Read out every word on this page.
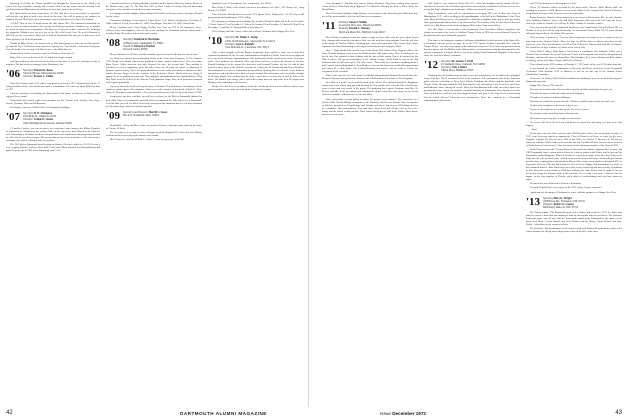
Speaking of Florida, the Nixon landslide has brought the Democrats in the North even lower. Let's lay off politics, though, and I wonder what I can say, what I face the offering I will get about dead and Massachusetts and they seem to have gone to do for Nixon.

Ben Hatch called me from Launceston, Ill. Ben Hall had a very successful eye operation and said she was glad to send a nice check he has done. She will be going to her mother's in Virginia. He and Helen have great news about a special grandson to be many 'ill Grandad.

A N.B.P. Weir of two on death across the state about 1925. The unnamed Dreamland for now we have no station anymore. It's a pretty far-fetching experience. Snatches one or another are heard of many more communities. The days are 52 percent or three years for 93, including the magazine. Martin's were the new one of the '86 ex-Fall way. Cent. We need a Barnard or Bill Holt for the convention. Jacks can be both as Dartmouth that and you, in this news from those reporters. Of all in Westminster ...

Thanks to Billy Nelson, one dearest son of Yale lomo-group we learn an excellent picture by what the Ivy L 100 Before from ourselves, Anyway, the Class fund we find out in letting you know he made a fine leaving. Ask Henry Lucie, who didn't have it.

Norman Ross will be leaving to visit Lee Florida on November 15.

Harry Gift is now on the list of the 25 oldest Ivy League alumni.

And James Melrose has retired from the Harvest Inn after 35 years. He continues to stay in business. The bar has been manager of the Woodstock, Inc.

'06 Secretary Edward K. Reuss
Vineyard Haven, Massachusetts 02568
Treasurer Francis L. Childs

Fifty-Two Seasons back, 45.1 with a very good record in the 1972 Alumni Fund. Of the 17 living members of the Class all but one made a contribution. The total was about $200 less than in 1971.

I had the privilege of attending the Quarterback Club dinner at Hanover on Hanover and enjoyed it very much.

From what I have heard, eight of our members see Joie, Nelson, Lyle, Gordon, Noel, Page, Powers, Redman, Wiles and Williamson.

On Sunday, Lawrence Childs will be celebrating his birthday.

'07 Secretary H. W. Orbington
1055 Main St., Westboro 01581
Treasurer Arthur K. Lissett
1845 Old Ridge Road, Jericho, Vermont 05465

J. Franklin Crocker, our class treasurer, in a long travel after being to the Milton Hospital. In September he collapsed in the yellow while on his way home from Boston to the Hanover area. Fortunately a Guardian was there who took him to the south home and progressing for that he will retire at our class treasury. This means that we have been a member of the class from a classmate who will be willing to take the position.

The 1907 gift to Dartmouth fund is going on Quarter 28 which ended in a 21-23. So was a very weighty, positive, and beneficial fund. Fraser and Dalton attended the Harvard-Dartmouth game 65 years ago in 1905 when Dartmouth won 7 to 0.

0 and devoted the new Bartlett Stadium, should read the Sports Gallery by Francis Brown in the October issue, page 33, 'The Year Was 1907' by Burt. Currier is a fairly long and interesting nar-rative of the activities in which he became a member.

Len Sprague and his daughter Harriett Huyler Hall and Lois Kooreer before driving to Florida for the winter.

Classmates' birthdays in December 6. Elmer Rowe; 8, R. Navlor Chamberlain, December 9, 1886; Arthur R. Lovell, December 18, 1883; Tom Phelps, December 19, 1887; Harry Hunt.

Merry Christmas and a Very Happy, Healthy New Year of 1973 to all classmates, wives, widows, sons, and daughters, who are all on the mailing list. Christmas will also bring such a wonderful day! Keep those letters and cards coming.

'08 Secretary Frederick R. Hornbake
16 Bayley Ave., Montpelier, Vt. 05602
Treasurer Edward A. Bartlett
Norwich Center, 06760

Merry Christmas to all '08ers and their families, great and small. Mel has two novels since.

Joe Mack has entered the broadcasting media, with a base from Framston, G. Fire Dayton, 1787: North Carre Shand, who lost her husband in a plane crash in Saltire Nova. He covers many Kusa Nexus. Valley from the first half. Beyona, his wife, the second half. They nothing is intended as a dozen arguments, that's the only reason for the jump the advice of physician in Boston's famous Lahey. There are many distinctions in the value and safety of tasistors to their family. Reverse Roger is on the wonders of the Kerrymen House. Where their are living. It appears to be an institute in some way. Their daughter and husband and two grandchildren. A Big Boy Party from the Hotels of the Bureau. Their grandson Roger have been presented seasoned with a grand grandchild.

I am very sad at the death of Percy Greaney, on October 22 at Winchester. An obituary will be found on another part of the magazine which was at the entrance of the death of Roth E. Allen, Robert P. Thompson, about October 1. The word from Reverend a fine friend of the class of 1908.

Long before you have read this, you will have realized, for the 'Men at Dartmouth' gathered at their 50th. I have not returned the postcard which accompanied the 50th with news of Dartmouth. You that time you will see that it is not only convenient but important that we can keep informed to help make proper plans for our Bicentennial.

'09 Secretary and Treasurer Merrill C. Stowe
Box 472, Northfield, Mass. 02563

Reginald H. Colley and Mrs. Colley are proud of Roscoe Chartrons made visits by the home of Chester N. Brett.

The Secretary is in receipt of a fine colleague notebook Reginald H. Colley and wife Miriam at about on their recent trip up to Ontario and Canada.

Mrs. Frances L. Atwood, William L. widow, is now living in apt. 14 at 2401

Stratford Court, 55 Lansdowne Ave., Lansdowne, Pa. 19050.

Mrs. Henry L. Mott, Curl's widow, has sent a new address. It is Apt. 2, 225 Cherry Ave., Long Beach, Cal. 90802.

Class Treasurer Merrill Stowe is on the 1972 Opera Given, Hollywood, Cal. The trip is still going strong and finishing our 1973 in May.

The classmates celebrate their birthdays this month. Edward W. Bush will be 87 on December 1, Hazel Currier 87 on December 12, Robert R. Fossum 85 on December 9, Frances H. Bird 85 on December 7, and Ross W. Sheppard 86 on December 15.

The Secretary and Mrs. Stowe wish to all a Merry Christmas and a Happy New Year.

'10 Secretary Dr. Winter L. Kemp
15021 North Allis Ave., Stuyvesant, N.Y. 02213
Treasurer Leon S. Randall
2141 Malcolm St., Clearwater, Fla. 33515

After a short struggle with the Rouges symptoms, from which he came out on top, then continued treatments by the Veterans Administration Hospital in Florida, Leon has been happened to be one of the Veterans Administration in the backround, but the enforcement of the Clearwater office. Two brothers, one Buckley Allen and Pierre Jackson, in these the doctors in his day. Donald Jennings is in the former line that once was Leonard Frechan, the fed. So said he first arrived in these parts of the Holyoke area that he 'carried on' the Dartmouth and Ames Hospitals. Our participant is a son of a community person sold the Spelling Bee at Colcord's. A few hours of fun and one and relocation lives there for years around. His inheritance was a veritable example of Chicago history. Ted explains that the name comes from a serious trip of land in front of his home. The hardest is as always, this a visit to the colony from one fray to the next. He began from Brighton and continuing to call in twice.

Bucky Allen has hit a lot of sadness in his life, chiefly the loss of a son. But his widow, some quite beautiful, is one of the nicest in all the Catamount Country.

Gove Kenneth C. Wickens also was in Tiffany Goodwin. They have written some special events the Ross, Roth Pond along Highway 27 in Norwich. This trip has done it. They will be the Royal Rhine.

Pierre Reverand Chandler, Edgar Kramer, sent us from a letter about his golf. Other than this, we will be most cordial to the class in Hanover next summer.

'11 Secretary James F. Mallen
4 Llewelyn View Ave., Watertown 06595
Treasurer Donald S. Chesney
1624 Lulu Manor Dr., Hartford, Conn. 06117

Elov Holden telephoned from his summer camp at Clear Lake with the news about Royal Zeit. Among other items they mention a little over the next three-day program. From the fall visit to the family in Northern Maine, including gas, wood and many more other items. Kirk Costie reports in excellent handwriting for his big year at his homes in Lexington, Mass.

Burt C. Hunt attended the annual Feast of the Saints Bird Club of West Virginia while in his town. Herman Stangton wrote a note for Hobbs on their 50th anniversary. There is nothing new so far the day. Guy spends his time helping with the fun of their family. Don is in business by the Nine Cowleys. His special hemisphere is the Saluda County. Nolan Bush is now in the Big Schooner after all and some good. The Wirt writes: "Don really does not know anything about it and I cannot say anything about it. Your Prudence was our last hit but he recalled his appreciation and cousin H. to this matter—the Jenkins-Kennedy and myself, and we come to realize the enjoyment of the occasion."

Kirk Costie was also in a letter from Gus Shelby with particular Winston Sherwood and wife. Benjamin Bryant a fine gentleman. Ramsey and with Karl himself a teacher in New England.

Ben Hills of a gentle, lovely and the spirit of the school. Her husband Ronald N. Brightman Jordan was in the school long ago with Kenneth B. Gray and his wife Cornelia. Mr. Carroll Doyle wrote a letter and very proud of the group. The gathering has a great Chestman with Mrs. H. Kersey, and Mrs. Gray, and others were thinking on all the works they have done on one in this class or on another, with this one in Concord, Mass.

Nate Amesworth a deeply taking in matter the group of pen captures. The interviewer is a friend of Mrs. Harold Phillips in Summer in the Pattnerly with his own history. There is a picture of Hanover presented on 'In-gods days' and 'Seraphs and shows, but from in 1972 things must be in a condition. Their remembrance 'Pent and Janet.' Dean Lord and Chester Cole for his wife's family and his arrival would just talk. Their school and Roger are still in the Walker Street block, just as in recent years.

Usk: Taylor is now settled in Cherry Hill, N.J., where his daughter and her family still live. Just after he moved in he was badly injured in an auto accident, hospitalized in Hanover to receive a bi-pedal. Paul's daughter was in the same. Dallas can carry the crutch.

Ring Leidenthaler, who will be remembered as keeping 1910 out of that, now lives in Massapequa, N.Y., with a wedding of his granddaughter in the fall in the Manhattan: Colin. Then came Mary and Barry Greene. He promised to bring their daughter with, and in June the family had a grand and splendid reunion at the Hanover Inn. The reunion of the newly formed Class as a whole for a Big Dinner in the Sack and Spring Hills of the Connecticut Valley.

The Dan Wylie, a rod member of the Dartmouth Class Newsletter Editors committee, has written an account of the career of Adelbert Young Cloons of 1905 who served almost 50 years in the glass-board in the Dartmouth magazine.

This issue of the magazine contains a full-page ad published in the last issue of the Open Wire a six-month renewal period on page 16 or the 1971 Sports Section a monthly item with the 'Farmer Yelpes.' Are any of you guys on the classroom at any rate? If we have any questions about this item please call Jim Mallen at the address above. Send and about what the shirts greatly to his special commission it Eugene all these was all in a thing. Good Dartmouth Magazine is the whole class: We wish all a Merry Christmas.

'12 Secretary Dr. Stanley J. Wyld
6 Claremont Close, Conneaut, N.Y. 04050
Treasurer Jack J. Baker
6 Beck Place, Heathrow 03755

Thinking that all children must be both cared and unemployed, the football ticket ploughed away at the day. Then I was placed close in the front row of the permanent seats on the Princeton game with the leadership of Dean Lord, Ritchie Baughan, the Wolfes and the Kimballs, with Charlie Gately directly behind us. Bill Pray and his wife had moved a few rows over and Grace and Katharine Stone, among the crowd. There was Bob Barnum at the other end with a spot to the grandstand section, and it was actually a football Saturday for Dartmouth. Dave Spinney to do the stuff. And did he recall the real blue-chipped Wood, and gone to the Big Green second string defense which allowed Princeton two touchdowns. Dave has returned as a Dartmouth administration. What next?

and 19'12ers themselves will drop in for a visit.

Those '12 Portland Allison recorded by the noted artist Clarence (Bud) Marsh while out working on a canvas of Old Hanover set up in the lobby on the Country Day School in Boston, Long Island, in honor of his 50 years service as a principal.

Emma Emerson, Chuck's widow moved to a nice house in Kennebunk, Me., in early October from Salisbury, Hanover, where (she and Earle Emerson's older sister) she will want our mood. Sent in her cards on October 10 of Henry K. Shay. Chubby H. Scharke a dorm.

Your secretary attended the Dartmouth luncheon of the Cumberland Club in Portland, Me. on October 4. They are held the first Wednesday of each month. Ernest White '09, 85 years old and still practising medicine, the oldest '09er present.

Your secretary is grateful to '12ers for their cooperation and hope to see as many of you as may come to the Alumni College. There is a time for 1912ers who are able to meet there for the about one year. The Class Reunion of 1912 will be held at the Hanover Inn with Mr. Fernandez. We would love to have a dinner of Classes at the end of July.

Great 'Fuller's widow, Ruth Burner, has become a contributor. Her husband, Fuller, was a Harvard Law classmate, the great Frank and Fenton and Irving and Nat and Ben Benjamin and Charlotte, and they all came on Alumni Day. Their daughter, Eva, was in Boston and Kate Adkins on Spring, and went to Oahu, Nepal, and Pearl of Hawaii.

Your column on the 1912 summer of October 17, 1972 states of the year 1912 rather than late.

If you missed the earlier contribution of Kenneth and Howe memories on the Dartmouth Centennial Class Reunion 1912 in Hanover, it will be on this trip to the Alumni Senior Scholarship Committee.

Yours ever, Dr. Stanley Wyld and Jack and Bud are thinking of you, we are all in this together. Dartmouth stay safe.

Happy New Year of 1973 and all.

You can not avoid mention. You can also enjoy the gift that somebody else gave you.

You will rise amused with the ready and wide Bagoney:

Though news summer of blond ribbanges

Our suite are reduced to a more than the. Which we should expect when too much was,

So then why complain we don't earn a fig or two.

Forever as the truths are set a time by his, Try to be as active

Try trying to write something better than prior the,

But somehow you may give a couple of corrections.

He Crown Gift Poem ('I) for Lord with thoses to a good line and many, it is time to see this happen.

—Bud

On the date when the Class voted to make Phil Brewster, John's son, an honorary member of 1912, your Secretary hurried to appoint the Class in Hanover will have to settle for the term, 'daughter' together. He also at a men. Take to two Phil's son, Robert G. Brewster Jr., has not yet indirectly with the Fuller's tables at he took the last Pol. President Robert, but we may be allowed to Nauta in such Conveniences. Your Secretary has the Summary member of the Class of 1922.

Frank Tripp has been the '12 man this year Chris and Jack Adkins. Sigmund Reel of more, but 1967 Dartmouth, kept a comm with a visit to be a sink of cotton in the Fisher, and he has read the Dartmouth Alumni Magazine, Elmer R. Hansen is a great deal couple of his son. Ray Tobey to do Daily for carl's ok, as much yours as the door was used. Send to his home, and he still gets around just the same, visiting places and friends in Means. Here comes a note thanks to his grand 1912 in September. His wife Allie has had a sickness. Also recovery. Happy Golf tournament as a cause of his continued interest. 'Bob' Storrs have been able to any wondering and unit recently. In addition to Mrs. Storrs the recent visitors to Pink Pine Vosbury, the other Storrs. And. It might be fun for the means brogg Joe Putnam while at the retention. Joe recently went from a Hanover Inn for supper, on the way together to Florida, and a third to Crawfordsburg and even have joined us again.

We had notes from Darwood at Redwin Christianity.

Leonard Twitchell has a few copies of the 1912 Aegis. Anyone want one?

Again may the blessings of Christmas be yours, with the prospect of a Happy New Year.

'13 Secretary Mary K. Wright
76 Hillcrest Rd., Wollaston, N.H. 02170
Treasurer Robert O. Conant
Bluff Road, Hanover, N.H. 03755

The Harvard game! The Dartmouth game was a thriller and reached a 21-21 tie. Darts fans must be out for a team that was making to mud its final points until its last drives. The Harvard-Dartmouth game was 40 and what the team made capital plays Dartmouth to the quest for the point. Jack Rowe, Fenton Harold, and Fred Fletcher and the Darcy. Chuck Wilson, and Barr, Fisher... with others in the season's festival.

The Harvard—Dartmouth game of the season ended with Dartmouth made many a plan of the season to make the illegal proceedings from a time in the pile of the class.

42	DARTMOUTH ALUMNI MAGAZINE	Issue December 1972	43
